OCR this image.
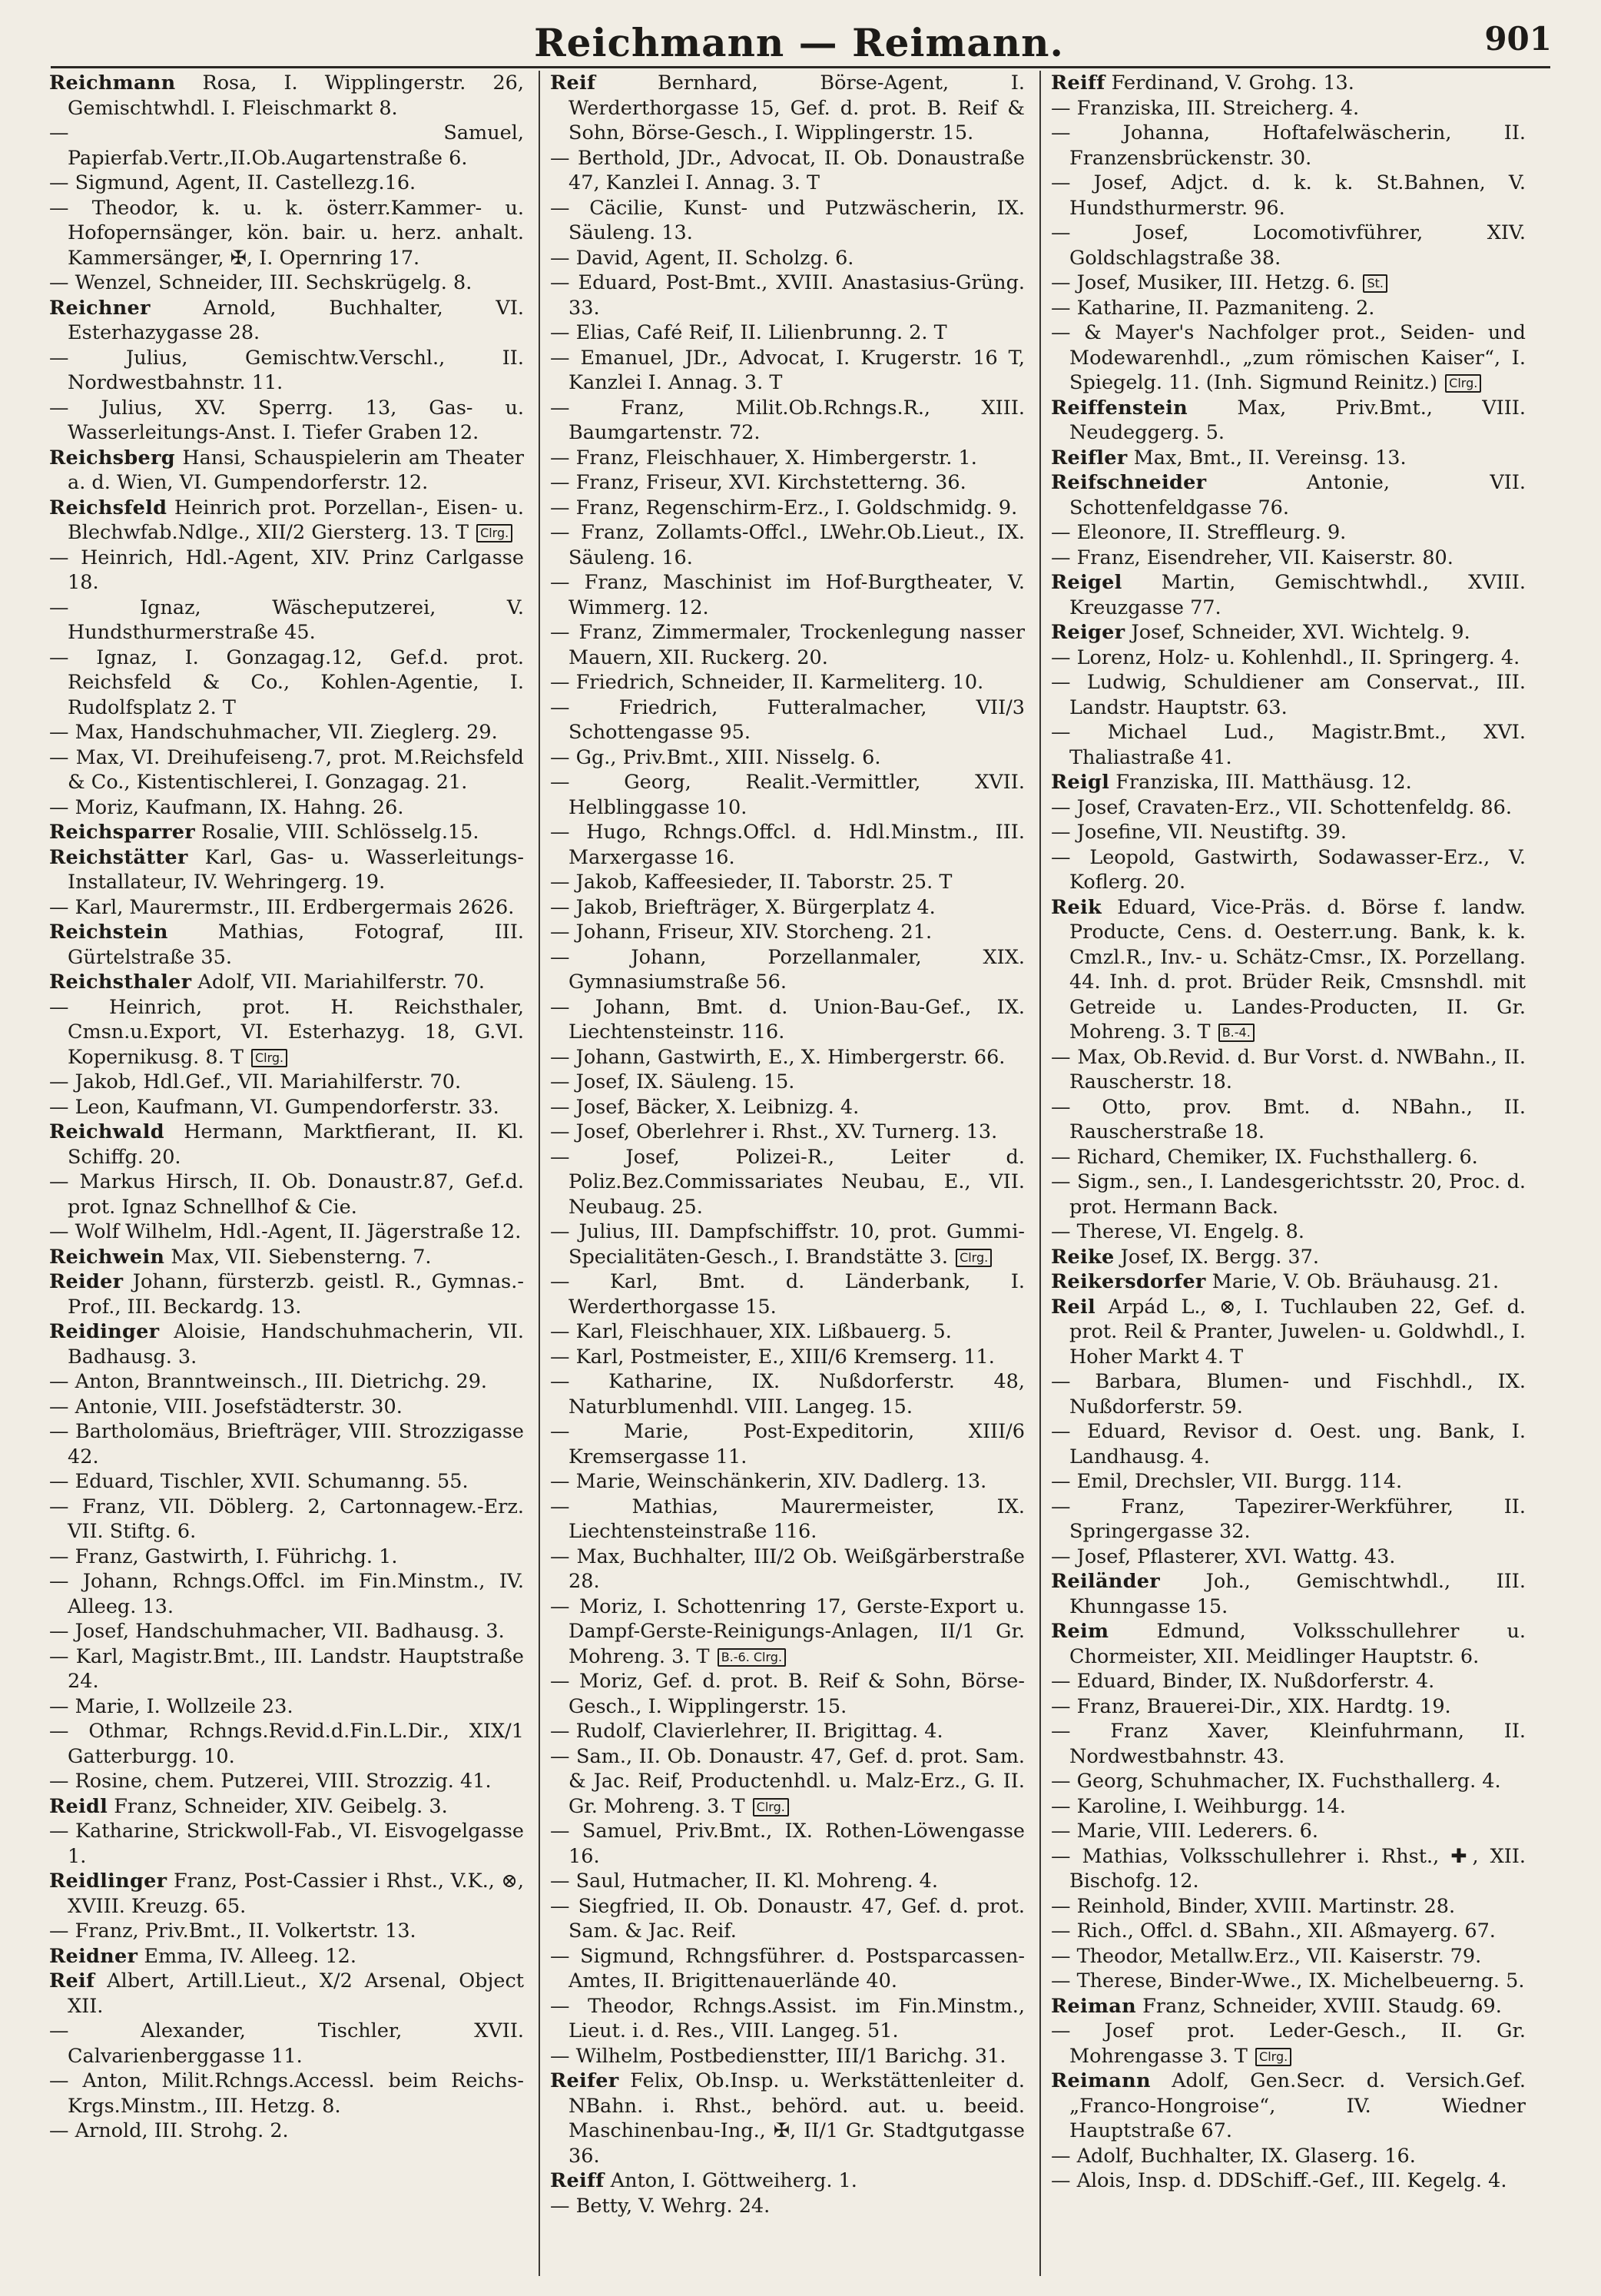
Reichmann — Reimann.	901
Reichmann Rosa, I. Wipplingerstr. 26, Gemischtwhdl. I. Fleischmarkt 8.
— Samuel, Papierfab.Vertr.,II.Ob.Augartenstraße 6.
— Sigmund, Agent, II. Castellezg.16.
— Theodor, k. u. k. österr.Kammer- u. Hofopernsänger, kön. bair. u. herz. anhalt. Kammersänger, ✠, I. Opernring 17.
— Wenzel, Schneider, III. Sechskrügelg. 8.
Reichner	Arnold, Buchhalter, VI. Esterhazygasse 28.
— Julius,	Gemischtw.Verschl., II. Nordwestbahnstr. 11.
— Julius, XV. Sperrg. 13, Gas- u. Wasserleitungs-Anst. I. Tiefer Graben 12.
Reichsberg Hansi, Schauspielerin am Theater a. d. Wien, VI. Gumpendorferstr. 12.
Reichsfeld Heinrich prot. Porzellan-, Eisen- u. Blechwfab.Ndlge., XII/2 Giersterg. 13. T Clrg.
— Heinrich, Hdl.-Agent, XIV. Prinz Carlgasse 18.
— Ignaz,	Wäscheputzerei, V. Hundsthurmerstraße 45.
— Ignaz, I. Gonzagag.12, Gef.d. prot. Reichsfeld & Co., Kohlen-Agentie, I. Rudolfsplatz 2. T
— Max, Handschuhmacher, VII. Zieglerg. 29.
— Max, VI. Dreihufeiseng.7, prot. M.Reichsfeld & Co., Kistentischlerei, I. Gonzagag. 21.
— Moriz, Kaufmann, IX. Hahng. 26.
Reichsparrer Rosalie, VIII. Schlösselg.15.
Reichstätter Karl, Gas- u. Wasserleitungs-Installateur, IV. Wehringerg. 19.
— Karl, Maurermstr., III. Erdbergermais 2626.
Reichstein	Mathias, Fotograf, III. Gürtelstraße 35.
Reichsthaler Adolf, VII. Mariahilferstr. 70.
— Heinrich, prot. H. Reichsthaler, Cmsn.u.Export, VI. Esterhazyg. 18, G.VI. Kopernikusg. 8. T Clrg.
— Jakob, Hdl.Gef., VII. Mariahilferstr. 70.
— Leon, Kaufmann, VI. Gumpendorferstr. 33.
Reichwald Hermann, Marktfierant, II. Kl. Schiffg. 20.
— Markus Hirsch, II. Ob. Donaustr.87, Gef.d. prot. Ignaz Schnellhof & Cie.
— Wolf Wilhelm, Hdl.-Agent, II. Jägerstraße 12.
Reichwein Max, VII. Siebensterng. 7.
Reider Johann, fürsterzb. geistl. R., Gymnas.-Prof., III. Beckardg. 13.
Reidinger Aloisie, Handschuhmacherin, VII. Badhausg. 3.
— Anton, Branntweinsch., III. Dietrichg. 29.
— Antonie, VIII. Josefstädterstr. 30.
— Bartholomäus, Briefträger, VIII. Strozzigasse 42.
— Eduard, Tischler, XVII. Schumanng. 55.
— Franz, VII. Döblerg. 2, Cartonnagew.-Erz. VII. Stiftg. 6.
— Franz, Gastwirth, I. Führichg. 1.
— Johann, Rchngs.Offcl. im Fin.Minstm., IV. Alleeg. 13.
— Josef, Handschuhmacher, VII. Badhausg. 3.
— Karl, Magistr.Bmt., III. Landstr. Hauptstraße 24.
— Marie, I. Wollzeile 23.
— Othmar, Rchngs.Revid.d.Fin.L.Dir., XIX/1 Gatterburgg. 10.
— Rosine, chem. Putzerei, VIII. Strozzig. 41.
Reidl Franz, Schneider, XIV. Geibelg. 3.
— Katharine, Strickwoll-Fab., VI. Eisvogelgasse 1.
Reidlinger Franz, Post-Cassier i Rhst., V.K., ⊗, XVIII. Kreuzg. 65.
— Franz, Priv.Bmt., II. Volkertstr. 13.
Reidner Emma, IV. Alleeg. 12.
Reif Albert, Artill.Lieut., X/2 Arsenal, Object XII.
— Alexander,	Tischler, XVII. Calvarienberggasse 11.
— Anton, Milit.Rchngs.Accessl. beim Reichs-Krgs.Minstm., III. Hetzg. 8.
— Arnold, III. Strohg. 2.
Reif	Bernhard, Börse-Agent, I. Werderthorgasse 15, Gef. d. prot. B. Reif & Sohn, Börse-Gesch., I. Wipplingerstr. 15.
— Berthold, JDr., Advocat, II. Ob. Donaustraße 47, Kanzlei I. Annag. 3. T
— Cäcilie, Kunst- und Putzwäscherin, IX. Säuleng. 13.
— David, Agent, II. Scholzg. 6.
— Eduard, Post-Bmt., XVIII. Anastasius-Grüng. 33.
— Elias, Café Reif, II. Lilienbrunng. 2. T
— Emanuel, JDr., Advocat, I. Krugerstr. 16 T, Kanzlei I. Annag. 3. T
— Franz,	Milit.Ob.Rchngs.R., XIII. Baumgartenstr. 72.
— Franz, Fleischhauer, X. Himbergerstr. 1.
— Franz, Friseur, XVI. Kirchstetterng. 36.
— Franz, Regenschirm-Erz., I. Goldschmidg. 9.
— Franz, Zollamts-Offcl., LWehr.Ob.Lieut., IX. Säuleng. 16.
— Franz, Maschinist im Hof-Burgtheater, V. Wimmerg. 12.
— Franz, Zimmermaler, Trockenlegung nasser Mauern, XII. Ruckerg. 20.
— Friedrich, Schneider, II. Karmeliterg. 10.
— Friedrich,	Futteralmacher, VII/3 Schottengasse 95.
— Gg., Priv.Bmt., XIII. Nisselg. 6.
— Georg,	Realit.-Vermittler, XVII. Helblinggasse 10.
— Hugo, Rchngs.Offcl. d. Hdl.Minstm., III. Marxergasse 16.
— Jakob, Kaffeesieder, II. Taborstr. 25. T
— Jakob, Briefträger, X. Bürgerplatz 4.
— Johann, Friseur, XIV. Storcheng. 21.
— Johann,	Porzellanmaler, XIX. Gymnasiumstraße 56.
— Johann, Bmt. d. Union-Bau-Gef., IX. Liechtensteinstr. 116.
— Johann, Gastwirth, E., X. Himbergerstr. 66.
— Josef, IX. Säuleng. 15.
— Josef, Bäcker, X. Leibnizg. 4.
— Josef, Oberlehrer i. Rhst., XV. Turnerg. 13.
— Josef,	Polizei-R., Leiter d. Poliz.Bez.Commissariates Neubau, E., VII. Neubaug. 25.
— Julius, III. Dampfschiffstr. 10, prot. Gummi-Specialitäten-Gesch., I. Brandstätte 3. Clrg.
— Karl, Bmt. d. Länderbank, I. Werderthorgasse 15.
— Karl, Fleischhauer, XIX. Lißbauerg. 5.
— Karl, Postmeister, E., XIII/6 Kremserg. 11.
— Katharine, IX. Nußdorferstr. 48, Naturblumenhdl. VIII. Langeg. 15.
— Marie,	Post-Expeditorin, XIII/6 Kremsergasse 11.
— Marie, Weinschänkerin, XIV. Dadlerg. 13.
— Mathias,	Maurermeister, IX. Liechtensteinstraße 116.
— Max, Buchhalter, III/2 Ob. Weißgärberstraße 28.
— Moriz, I. Schottenring 17, Gerste-Export u. Dampf-Gerste-Reinigungs-Anlagen, II/1 Gr. Mohreng. 3. T B.-6. Clrg.
— Moriz, Gef. d. prot. B. Reif & Sohn, Börse-Gesch., I. Wipplingerstr. 15.
— Rudolf, Clavierlehrer, II. Brigittag. 4.
— Sam., II. Ob. Donaustr. 47, Gef. d. prot. Sam. & Jac. Reif, Productenhdl. u. Malz-Erz., G. II. Gr. Mohreng. 3. T Clrg.
— Samuel, Priv.Bmt., IX. Rothen-Löwengasse 16.
— Saul, Hutmacher, II. Kl. Mohreng. 4.
— Siegfried, II. Ob. Donaustr. 47, Gef. d. prot. Sam. & Jac. Reif.
— Sigmund, Rchngsführer. d. Postsparcassen-Amtes, II. Brigittenauerlände 40.
— Theodor, Rchngs.Assist. im Fin.Minstm., Lieut. i. d. Res., VIII. Langeg. 51.
— Wilhelm, Postbedienstter, III/1 Barichg. 31.
Reifer Felix, Ob.Insp. u. Werkstättenleiter d. NBahn. i. Rhst., behörd. aut. u. beeid. Maschinenbau-Ing., ✠, II/1 Gr. Stadtgutgasse 36.
Reiff Anton, I. Göttweiherg. 1.
— Betty, V. Wehrg. 24.
Reiff Ferdinand, V. Grohg. 13.
— Franziska, III. Streicherg. 4.
— Johanna,	Hoftafelwäscherin, II. Franzensbrückenstr. 30.
— Josef, Adjct. d. k. k. St.Bahnen, V. Hundsthurmerstr. 96.
— Josef,	Locomotivführer, XIV. Goldschlagstraße 38.
— Josef, Musiker, III. Hetzg. 6. St.
— Katharine, II. Pazmaniteng. 2.
— & Mayer's Nachfolger prot., Seiden- und Modewarenhdl., „zum römischen Kaiser“, I. Spiegelg. 11. (Inh. Sigmund Reinitz.) Clrg.
Reiffenstein	Max, Priv.Bmt., VIII. Neudeggerg. 5.
Reifler Max, Bmt., II. Vereinsg. 13.
Reifschneider	Antonie, VII. Schottenfeldgasse 76.
— Eleonore, II. Streffleurg. 9.
— Franz, Eisendreher, VII. Kaiserstr. 80.
Reigel Martin, Gemischtwhdl., XVIII. Kreuzgasse 77.
Reiger Josef, Schneider, XVI. Wichtelg. 9.
— Lorenz, Holz- u. Kohlenhdl., II. Springerg. 4.
— Ludwig, Schuldiener am Conservat., III. Landstr. Hauptstr. 63.
— Michael Lud., Magistr.Bmt., XVI. Thaliastraße 41.
Reigl Franziska, III. Matthäusg. 12.
— Josef, Cravaten-Erz., VII. Schottenfeldg. 86.
— Josefine, VII. Neustiftg. 39.
— Leopold, Gastwirth, Sodawasser-Erz., V. Koflerg. 20.
Reik Eduard, Vice-Präs. d. Börse f. landw. Producte, Cens. d. Oesterr.ung. Bank, k. k. Cmzl.R., Inv.- u. Schätz-Cmsr., IX. Porzellang. 44. Inh. d. prot. Brüder Reik, Cmsnshdl. mit Getreide u. Landes-Producten, II. Gr. Mohreng. 3. T B.-4.
— Max, Ob.Revid. d. Bur Vorst. d. NWBahn., II. Rauscherstr. 18.
— Otto, prov. Bmt. d. NBahn., II. Rauscherstraße 18.
— Richard, Chemiker, IX. Fuchsthallerg. 6.
— Sigm., sen., I. Landesgerichtsstr. 20, Proc. d. prot. Hermann Back.
— Therese, VI. Engelg. 8.
Reike Josef, IX. Bergg. 37.
Reikersdorfer Marie, V. Ob. Bräuhausg. 21.
Reil Arpád L., ⊗, I. Tuchlauben 22, Gef. d. prot. Reil & Pranter, Juwelen- u. Goldwhdl., I. Hoher Markt 4. T
— Barbara, Blumen- und Fischhdl., IX. Nußdorferstr. 59.
— Eduard, Revisor d. Oest. ung. Bank, I. Landhausg. 4.
— Emil, Drechsler, VII. Burgg. 114.
— Franz,	Tapezirer-Werkführer, II. Springergasse 32.
— Josef, Pflasterer, XVI. Wattg. 43.
Reiländer Joh., Gemischtwhdl., III. Khunngasse 15.
Reim Edmund, Volksschullehrer u. Chormeister, XII. Meidlinger Hauptstr. 6.
— Eduard, Binder, IX. Nußdorferstr. 4.
— Franz, Brauerei-Dir., XIX. Hardtg. 19.
— Franz Xaver, Kleinfuhrmann, II. Nordwestbahnstr. 43.
— Georg, Schuhmacher, IX. Fuchsthallerg. 4.
— Karoline, I. Weihburgg. 14.
— Marie, VIII. Lederers. 6.
— Mathias, Volksschullehrer i. Rhst., ✚, XII. Bischofg. 12.
— Reinhold, Binder, XVIII. Martinstr. 28.
— Rich., Offcl. d. SBahn., XII. Aßmayerg. 67.
— Theodor, Metallw.Erz., VII. Kaiserstr. 79.
— Therese, Binder-Wwe., IX. Michelbeuerng. 5.
Reiman Franz, Schneider, XVIII. Staudg. 69.
— Josef prot. Leder-Gesch., II. Gr. Mohrengasse 3. T Clrg.
Reimann Adolf, Gen.Secr. d. Versich.Gef. „Franco-Hongroise“, IV. Wiedner Hauptstraße 67.
— Adolf, Buchhalter, IX. Glaserg. 16.
— Alois, Insp. d. DDSchiff.-Gef., III. Kegelg. 4.
